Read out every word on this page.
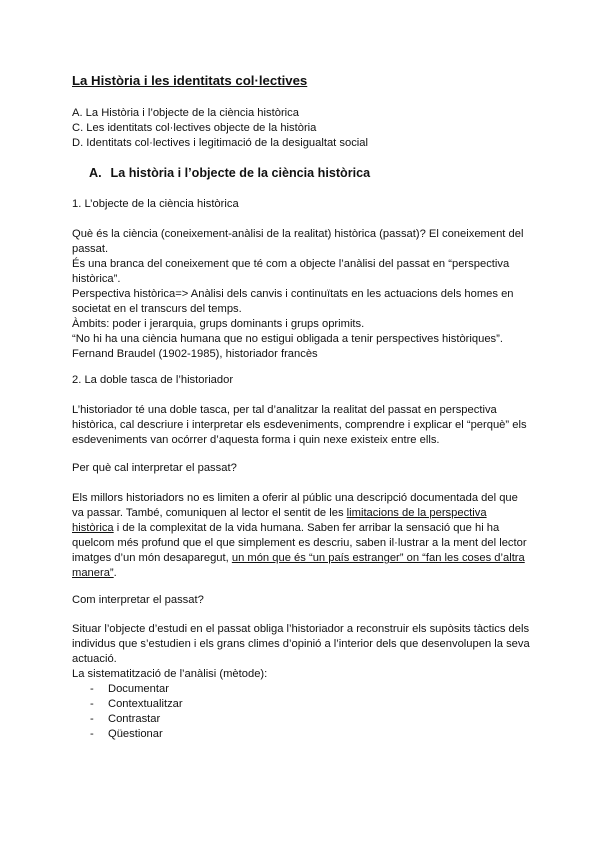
La Història i les identitats col·lectives
A. La Història i l’objecte de la ciència històrica
C. Les identitats col·lectives objecte de la història
D. Identitats col·lectives i legitimació de la desigualtat social
A. La història i l’objecte de la ciència històrica

1. L’objecte de la ciència històrica

Què és la ciència (coneixement-anàlisi de la realitat) històrica (passat)? El coneixement del
passat.
És una branca del coneixement que té com a objecte l’anàlisi del passat en “perspectiva
històrica”.
Perspectiva històrica=> Anàlisi dels canvis i continuïtats en les actuacions dels homes en
societat en el transcurs del temps.
Àmbits: poder i jerarquia, grups dominants i grups oprimits.
“No hi ha una ciència humana que no estigui obligada a tenir perspectives històriques”.
Fernand Braudel (1902-1985), historiador francès

2. La doble tasca de l’historiador

L’historiador té una doble tasca, per tal d’analitzar la realitat del passat en perspectiva
històrica, cal descriure i interpretar els esdeveniments, comprendre i explicar el “perquè” els
esdeveniments van ocórrer d’aquesta forma i quin nexe existeix entre ells.

Per què cal interpretar el passat?

Els millors historiadors no es limiten a oferir al públic una descripció documentada del que
va passar. També, comuniquen al lector el sentit de les limitacions de la perspectiva
històrica i de la complexitat de la vida humana. Saben fer arribar la sensació que hi ha
quelcom més profund que el que simplement es descriu, saben il·lustrar a la ment del lector
imatges d’un món desaparegut, un món que és “un país estranger” on “fan les coses d’altra
manera”.

Com interpretar el passat?

Situar l’objecte d’estudi en el passat obliga l’historiador a reconstruir els supòsits tàctics dels
individus que s’estudien i els grans climes d’opinió a l’interior dels que desenvolupen la seva
actuació.
La sistematització de l’anàlisi (mètode):

- Documentar
- Contextualitzar
- Contrastar
- Qüestionar
